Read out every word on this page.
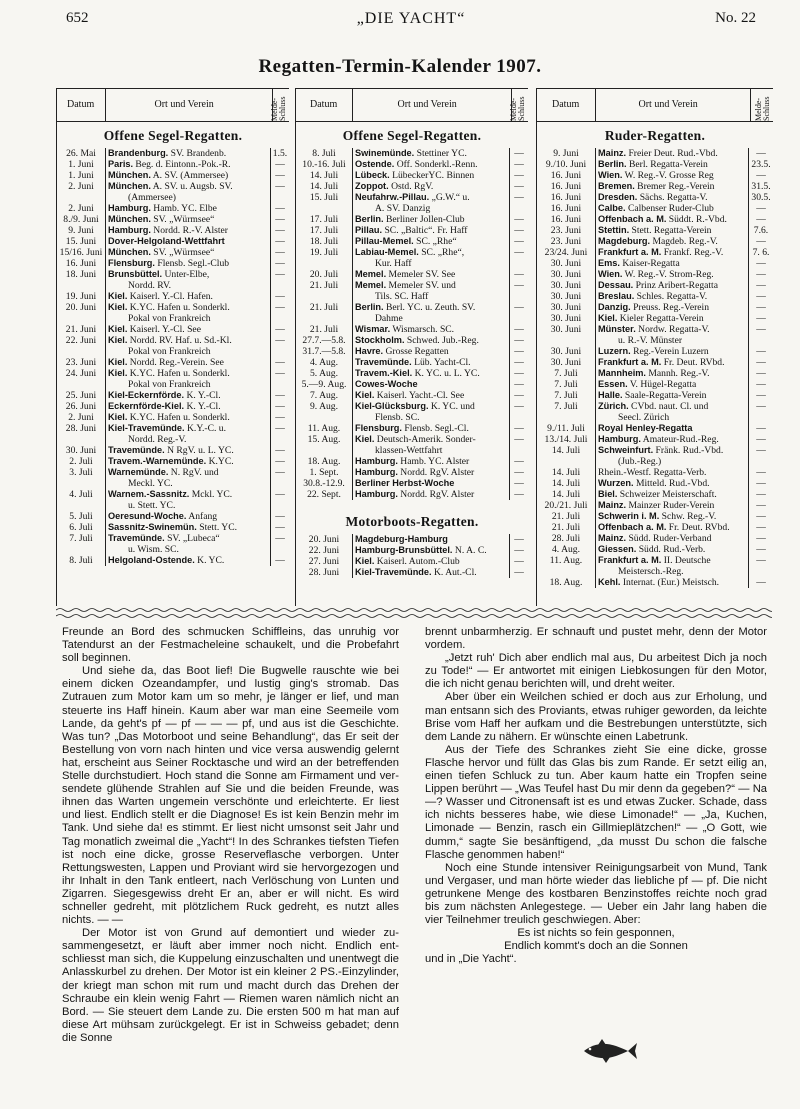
652	„DIE YACHT“	No. 22
Regatten-Termin-Kalender 1907.
Datum	Ort und Verein	Melde-Schluss
Offene Segel-Regatten.
26. Mai	Brandenburg. SV. Brandenb.	1.5.
1. Juni	Paris. Beg. d. Eintonn.-Pok.-R.	—
1. Juni	München. A. SV. (Ammersee)	—
2. Juni	München. A. SV. u. Augsb. SV.	—
(Ammersee)
2. Juni	Hamburg. Hamb. YC. Elbe	—
8./9. Juni	München. SV. „Würmsee“	—
9. Juni	Hamburg. Nordd. R.-V. Alster	—
15. Juni	Dover-Helgoland-Wettfahrt	—
15/16. Juni München. SV. „Würmsee“	—
16. Juni	Flensburg. Flensb. Segl.-Club	—
18. Juni	Brunsbüttel. Unter-Elbe,	—
Nordd. RV.
19. Juni	Kiel. Kaiserl. Y.-Cl. Hafen.	—
20. Juni	Kiel. K.YC. Hafen u. Sonderkl.	—
Pokal von Frankreich
21. Juni	Kiel. Kaiserl. Y.-Cl. See	—
22. Juni	Kiel. Nordd. RV. Haf. u. Sd.-Kl.	—
Pokal von Frankreich
23. Juni	Kiel. Nordd. Reg.-Verein. See	—
24. Juni	Kiel. K.YC. Hafen u. Sonderkl.	—
Pokal von Frankreich
25. Juni	Kiel-Eckernförde. K. Y.-Cl.	—
26. Juni	Eckernförde-Kiel. K. Y.-Cl.	—
2. Juni	Kiel. K.YC. Hafen u. Sonderkl.	—
28. Juni	Kiel-Travemünde. K.Y.-C. u.	—
Nordd. Reg.-V.
30. Juni	Travemünde. N RgV. u. L. YC.	—
2. Juli	Travem.-Warnemünde. K.YC.	—
3. Juli	Warnemünde. N. RgV. und	—
Meckl. YC.
4. Juli	Warnem.-Sassnitz. Mckl. YC.	—
u. Stett. YC.
5. Juli	Oeresund-Woche. Anfang	—
6. Juli	Sassnitz-Swinemün. Stett. YC.	—
7. Juli	Travemünde. SV. „Lubeca“	—
u. Wism. SC.
8. Juli	Helgoland-Ostende. K. YC.	—
Datum	Ort und Verein	Melde-Schluss
Offene Segel-Regatten.
8. Juli	Swinemünde. Stettiner YC.	—
10.-16. Juli	Ostende. Off. Sonderkl.-Renn.	—
14. Juli	Lübeck. LübeckerYC. Binnen	—
14. Juli	Zoppot. Ostd. RgV.	—
15. Juli	Neufahrw.-Pillau. „G.W.“ u.	—
A. SV. Danzig
17. Juli	Berlin. Berliner Jollen-Club	—
17. Juli	Pillau. SC. „Baltic“. Fr. Haff	—
18. Juli	Pillau-Memel. SC. „Rhe“	—
19. Juli	Labiau-Memel. SC. „Rhe“,	—
Kur. Haff
20. Juli	Memel. Memeler SV. See	—
21. Juli	Memel. Memeler SV. und	—
Tils. SC. Haff
21. Juli	Berlin. Berl. YC. u. Zeuth. SV.	—
Dahme
21. Juli	Wismar. Wismarsch. SC.	—
27.7.—5.8.	Stockholm. Schwed. Jub.-Reg.	—
31.7.—5.8.	Havre. Grosse Regatten	—
4. Aug.	Travemünde. Lüb. Yacht-Cl.	—
5. Aug.	Travem.-Kiel. K. YC. u. L. YC.	—
5.—9. Aug. Cowes-Woche	—
7. Aug.	Kiel. Kaiserl. Yacht.-Cl. See	—
9. Aug.	Kiel-Glücksburg. K. YC. und	—
Flensb. SC.
11. Aug.	Flensburg. Flensb. Segl.-Cl.	—
15. Aug.	Kiel. Deutsch-Amerik. Sonder-	—
klassen-Wettfahrt
18. Aug.	Hamburg. Hamb. YC. Alster	—
1. Sept.	Hamburg. Nordd. RgV. Alster	—
30.8.-12.9.	Berliner Herbst-Woche	—
22. Sept.	Hamburg. Nordd. RgV. Alster	—
Motorboots-Regatten.
20. Juni	Magdeburg-Hamburg	—
22. Juni	Hamburg-Brunsbüttel. N. A. C.	—
27. Juni	Kiel. Kaiserl. Autom.-Club	—
28. Juni	Kiel-Travemünde. K. Aut.-Cl.	—
Datum	Ort und Verein	Melde-Schluss
Ruder-Regatten.
9. Juni	Mainz. Freier Deut. Rud.-Vbd.	—
9./10. Juni	Berlin. Berl. Regatta-Verein	23.5.
16. Juni	Wien. W. Reg.-V. Grosse Reg	—
16. Juni	Bremen. Bremer Reg.-Verein	31.5.
16. Juni	Dresden. Sächs. Regatta-V.	30.5.
16. Juni	Calbe. Calbenser Ruder-Club	—
16. Juni	Offenbach a. M. Süddt. R.-Vbd.	—
23. Juni	Stettin. Stett. Regatta-Verein	7.6.
23. Juni	Magdeburg. Magdeb. Reg.-V.	—
23/24. Juni	Frankfurt a. M. Frankf. Reg.-V.	7. 6.
30. Juni	Ems. Kaiser-Regatta	—
30. Juni	Wien. W. Reg.-V. Strom-Reg.	—
30. Juni	Dessau. Prinz Aribert-Regatta	—
30. Juni	Breslau. Schles. Regatta-V.	—
30. Juni	Danzig. Preuss. Reg.-Verein	—
30. Juni	Kiel. Kieler Regatta-Verein	—
30. Juni	Münster. Nordw. Regatta-V.	—
u. R.-V. Münster
30. Juni	Luzern. Reg.-Verein Luzern	—
30. Juni	Frankfurt a. M. Fr. Deut. RVbd.	—
7. Juli	Mannheim. Mannh. Reg.-V.	—
7. Juli	Essen. V. Hügel-Regatta	—
7. Juli	Halle. Saale-Regatta-Verein	—
7. Juli	Zürich. CVbd. naut. Cl. und	—
Seecl. Zürich
9./11. Juli	Royal Henley-Regatta	—
13./14. Juli	Hamburg. Amateur-Rud.-Reg.	—
14. Juli	Schweinfurt. Fränk. Rud.-Vbd.	—
(Jub.-Reg.)
14. Juli	Rhein.-Westf. Regatta-Verb.	—
14. Juli	Wurzen. Mitteld. Rud.-Vbd.	—
14. Juli	Biel. Schweizer Meisterschaft.	—
20./21. Juli	Mainz. Mainzer Ruder-Verein	—
21. Juli	Schwerin i. M. Schw. Reg.-V.	—
21. Juli	Offenbach a. M. Fr. Deut. RVbd.	—
28. Juli	Mainz. Südd. Ruder-Verband	—
4. Aug.	Giessen. Südd. Rud.-Verb.	—
11. Aug.	Frankfurt a. M. II. Deutsche	—
Meistersch.-Reg.
18. Aug.	Kehl. Internat. (Eur.) Meistsch.	—

Freunde an Bord des schmucken Schiffleins, das unruhig vor Tatendurst an der Festmacheleine schaukelt, und die Probefahrt soll beginnen.

Und siehe da, das Boot lief! Die Bugwelle rauschte wie bei einem dicken Ozeandampfer, und lustig ging's stromab. Das Zutrauen zum Motor kam um so mehr, je länger er lief, und man steuerte ins Haff hinein. Kaum aber war man eine Seemeile vom Lande, da geht's pf — pf — — — pf, und aus ist die Geschichte. Was tun? „Das Motorboot und seine Behandlung“, das Er seit der Bestellung von vorn nach hinten und vice versa auswendig gelernt hat, erscheint aus Seiner Rocktasche und wird an der betreffenden Stelle durchstudiert. Hoch stand die Sonne am Firmament und versendete glühende Strahlen auf Sie und die beiden Freunde, was ihnen das Warten ungemein verschönte und erleichterte. Er liest und liest. Endlich stellt er die Diagnose! Es ist kein Benzin mehr im Tank. Und siehe da! es stimmt. Er liest nicht umsonst seit Jahr und Tag monatlich zweimal die „Yacht“! In des Schrankes tiefsten Tiefen ist noch eine dicke, grosse Reserveflasche verborgen. Unter Rettungswesten, Lappen und Proviant wird sie hervorgezogen und ihr Inhalt in den Tank entleert, nach Verlöschung von Lunten und Zigarren. Siegesgewiss dreht Er an, aber er will nicht. Es wird schneller gedreht, mit plötzlichem Ruck gedreht, es nutzt alles nichts. — —

Der Motor ist von Grund auf demontiert und wieder zusammengesetzt, er läuft aber immer noch nicht. Endlich entschliesst man sich, die Kuppelung einzuschalten und unentwegt die Anlasskurbel zu drehen. Der Motor ist ein kleiner 2 PS.-Einzylinder, der kriegt man schon mit rum und macht durch das Drehen der Schraube ein klein wenig Fahrt — Riemen waren nämlich nicht an Bord. — Sie steuert dem Lande zu. Die ersten 500 m hat man auf diese Art mühsam zurückgelegt. Er ist in Schweiss gebadet; denn die Sonne

brennt unbarmherzig. Er schnauft und pustet mehr, denn der Motor vordem.

„Jetzt ruh' Dich aber endlich mal aus, Du arbeitest Dich ja noch zu Tode!“ — Er antwortet mit einigen Liebkosungen für den Motor, die ich nicht genau berichten will, und dreht weiter.

Aber über ein Weilchen schied er doch aus zur Erholung, und man entsann sich des Proviants, etwas ruhiger geworden, da leichte Brise vom Haff her aufkam und die Bestrebungen unterstützte, sich dem Lande zu nähern. Er wünschte einen Labetrunk.

Aus der Tiefe des Schrankes zieht Sie eine dicke, grosse Flasche hervor und füllt das Glas bis zum Rande. Er setzt eilig an, einen tiefen Schluck zu tun. Aber kaum hatte ein Tropfen seine Lippen berührt — „Was Teufel hast Du mir denn da gegeben?“ — Na —? Wasser und Citronensaft ist es und etwas Zucker. Schade, dass ich nichts besseres habe, wie diese Limonade!“ — „Ja, Kuchen, Limonade — Benzin, rasch ein Gillmieplätzchen!“ — „O Gott, wie dumm,“ sagte Sie besänftigend, „da musst Du schon die falsche Flasche genommen haben!“

Noch eine Stunde intensiver Reinigungsarbeit von Mund, Tank und Vergaser, und man hörte wieder das liebliche pf — pf. Die nicht getrunkene Menge des kostbaren Benzinstoffes reichte noch grad bis zum nächsten Anlegestege. — Ueber ein Jahr lang haben die vier Teilnehmer treulich geschwiegen. Aber:

Es ist nichts so fein gesponnen,
Endlich kommt's doch an die Sonnen
und in „Die Yacht“.
